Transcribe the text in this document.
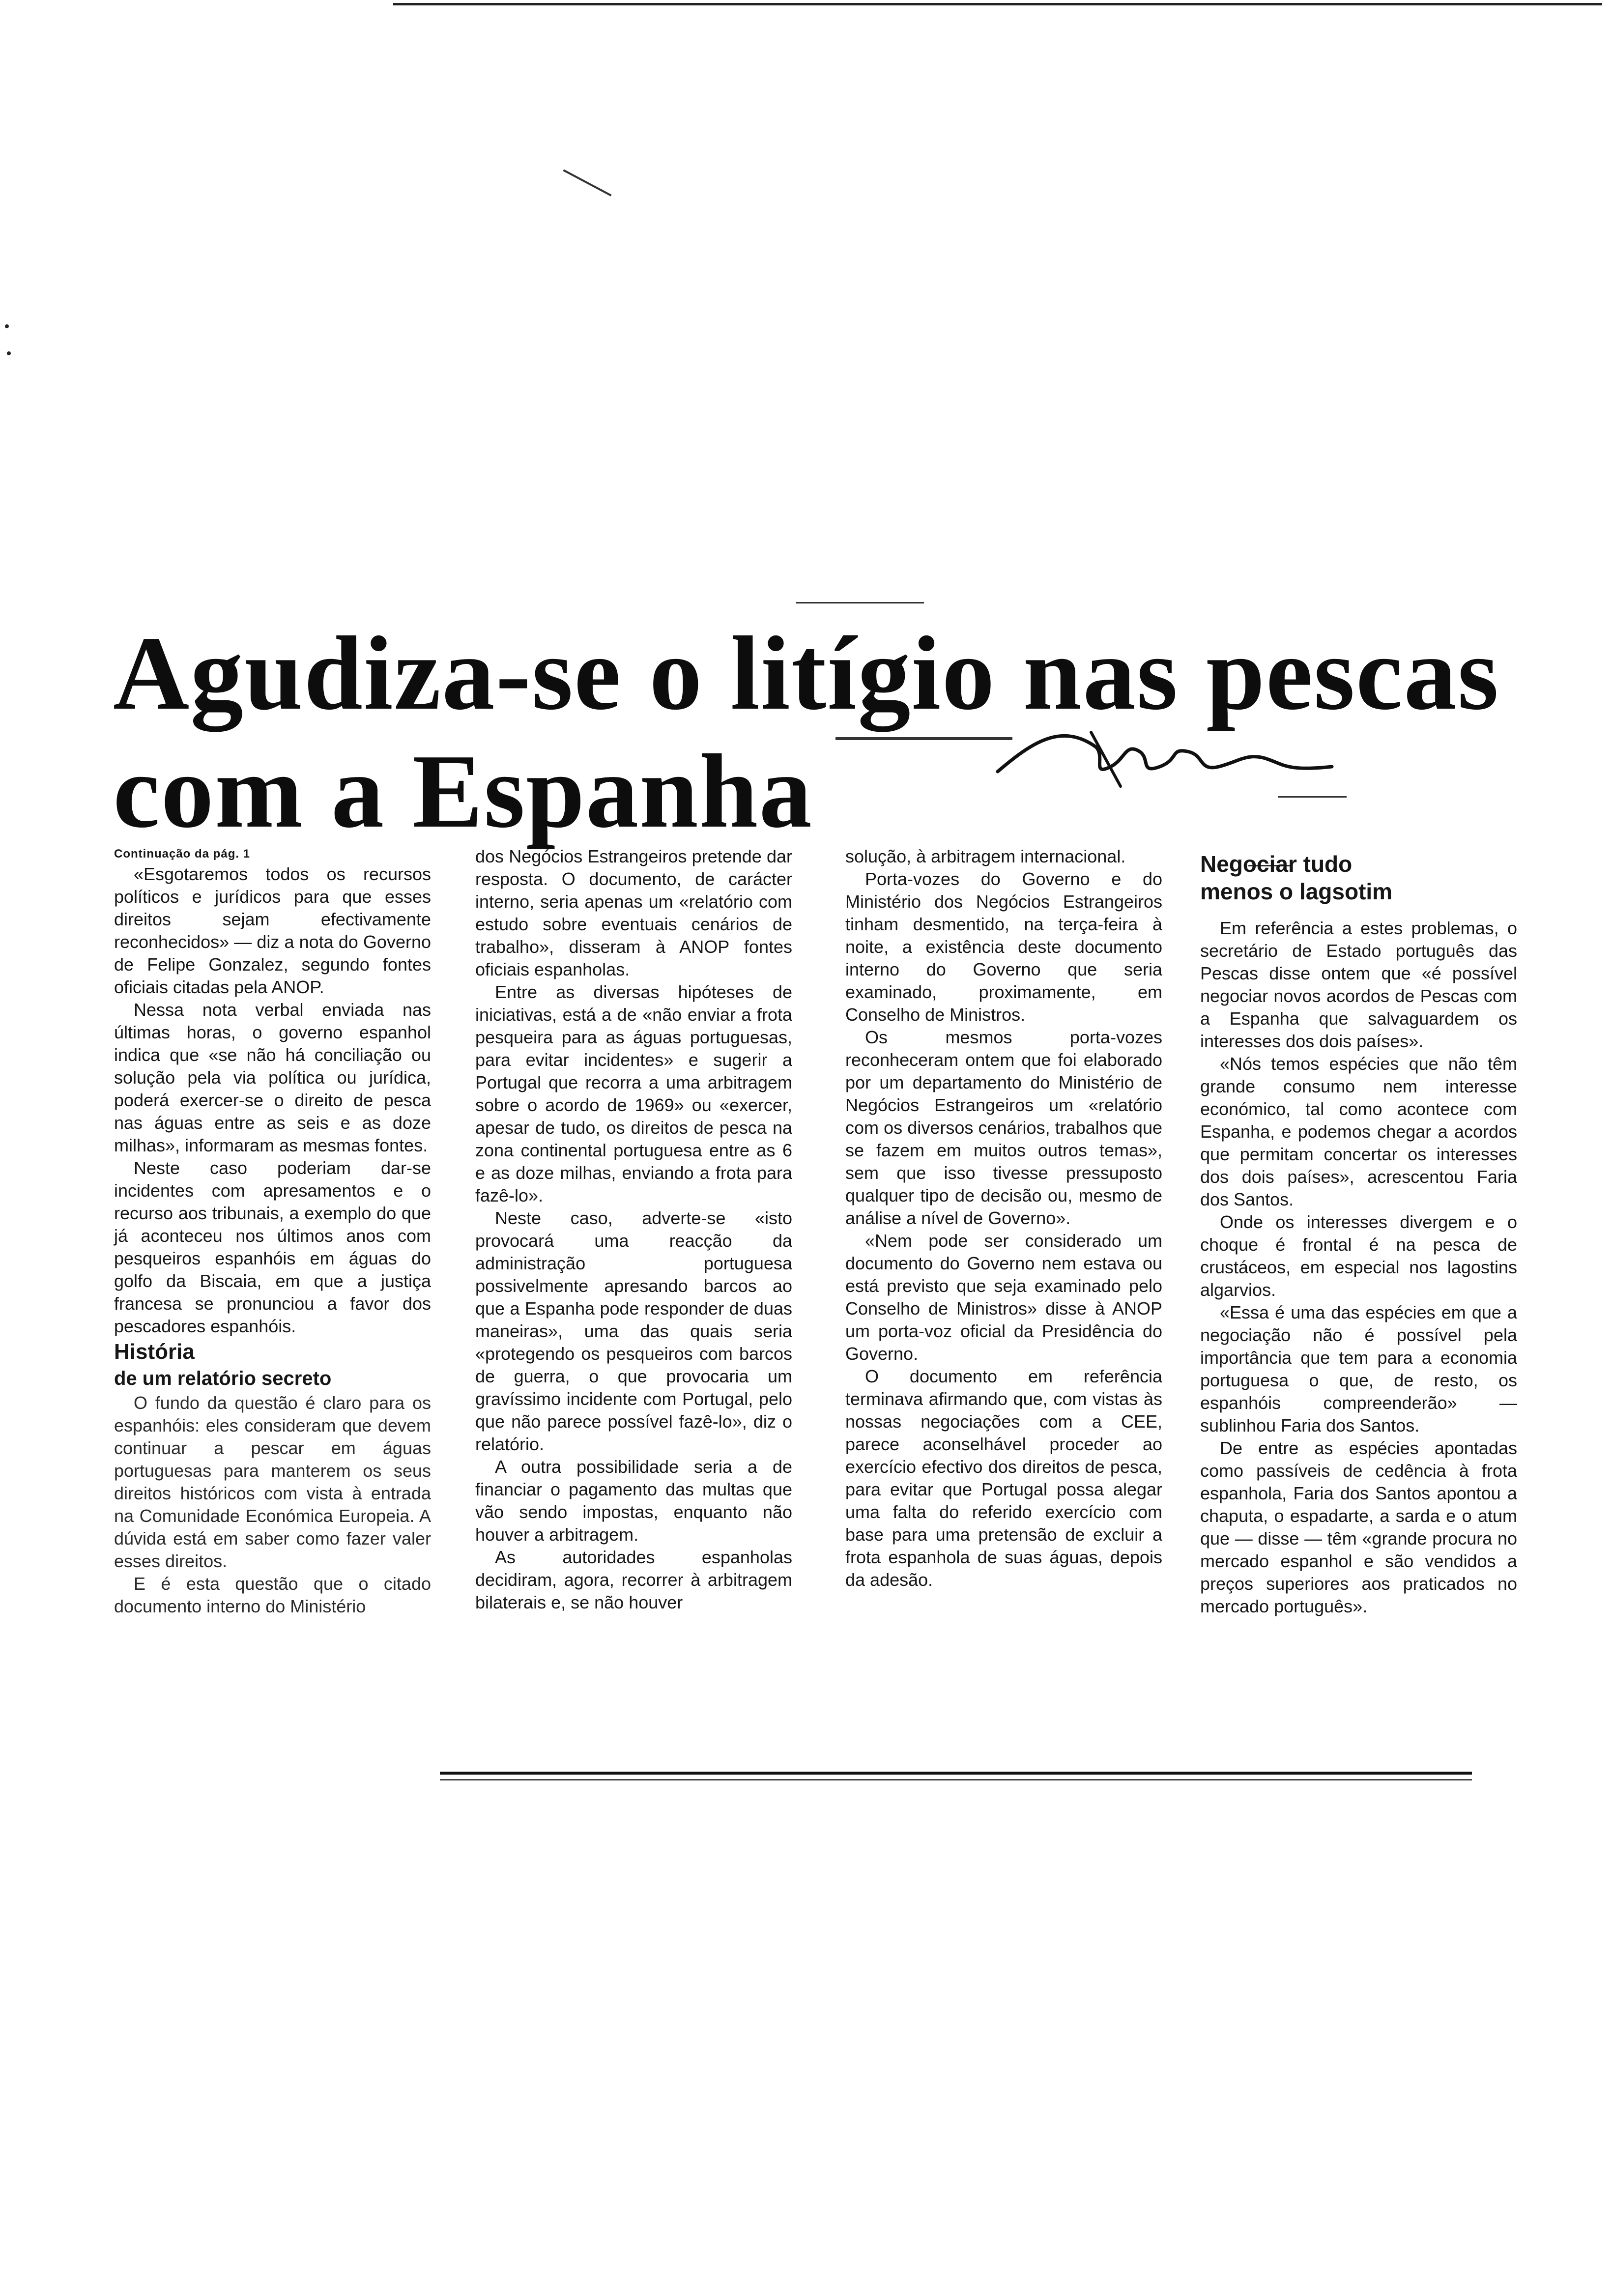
Agudiza-se o litígio nas pescas
com a Espanha
Continuação da pág. 1

«Esgotaremos todos os recursos políticos e jurídicos para que esses direitos sejam efectivamente reconhecidos» — diz a nota do Governo de Felipe Gonzalez, segundo fontes oficiais citadas pela ANOP.

Nessa nota verbal enviada nas últimas horas, o governo espanhol indica que «se não há conciliação ou solução pela via política ou jurídica, poderá exercer-se o direito de pesca nas águas entre as seis e as doze milhas», informaram as mesmas fontes.

Neste caso poderiam dar-se incidentes com apresamentos e o recurso aos tribunais, a exemplo do que já aconteceu nos últimos anos com pesqueiros espanhóis em águas do golfo da Biscaia, em que a justiça francesa se pronunciou a favor dos pescadores espanhóis.

História
de um relatório secreto

O fundo da questão é claro para os espanhóis: eles consideram que devem continuar a pescar em águas portuguesas para manterem os seus direitos históricos com vista à entrada na Comunidade Económica Europeia. A dúvida está em saber como fazer valer esses direitos.

E é esta questão que o citado documento interno do Ministério

dos Negócios Estrangeiros pretende dar resposta. O documento, de carácter interno, seria apenas um «relatório com estudo sobre eventuais cenários de trabalho», disseram à ANOP fontes oficiais espanholas.

Entre as diversas hipóteses de iniciativas, está a de «não enviar a frota pesqueira para as águas portuguesas, para evitar incidentes» e sugerir a Portugal que recorra a uma arbitragem sobre o acordo de 1969» ou «exercer, apesar de tudo, os direitos de pesca na zona continental portuguesa entre as 6 e as doze milhas, enviando a frota para fazê-lo».

Neste caso, adverte-se «isto provocará uma reacção da administração portuguesa possivelmente apresando barcos ao que a Espanha pode responder de duas maneiras», uma das quais seria «protegendo os pesqueiros com barcos de guerra, o que provocaria um gravíssimo incidente com Portugal, pelo que não parece possível fazê-lo», diz o relatório.

A outra possibilidade seria a de financiar o pagamento das multas que vão sendo impostas, enquanto não houver a arbitragem.

As autoridades espanholas decidiram, agora, recorrer à arbitragem bilaterais e, se não houver

solução, à arbitragem internacional.

Porta-vozes do Governo e do Ministério dos Negócios Estrangeiros tinham desmentido, na terça-feira à noite, a existência deste documento interno do Governo que seria examinado, proximamente, em Conselho de Ministros.

Os mesmos porta-vozes reconheceram ontem que foi elaborado por um departamento do Ministério de Negócios Estrangeiros um «relatório com os diversos cenários, trabalhos que se fazem em muitos outros temas», sem que isso tivesse pressuposto qualquer tipo de decisão ou, mesmo de análise a nível de Governo».

«Nem pode ser considerado um documento do Governo nem estava ou está previsto que seja examinado pelo Conselho de Ministros» disse à ANOP um porta-voz oficial da Presidência do Governo.

O documento em referência terminava afirmando que, com vistas às nossas negociações com a CEE, parece aconselhável proceder ao exercício efectivo dos direitos de pesca, para evitar que Portugal possa alegar uma falta do referido exercício com base para uma pretensão de excluir a frota espanhola de suas águas, depois da adesão.

Negociar tudo
menos o lagsotim

Em referência a estes problemas, o secretário de Estado português das Pescas disse ontem que «é possível negociar novos acordos de Pescas com a Espanha que salvaguardem os interesses dos dois países».

«Nós temos espécies que não têm grande consumo nem interesse económico, tal como acontece com Espanha, e podemos chegar a acordos que permitam concertar os interesses dos dois países», acrescentou Faria dos Santos.

Onde os interesses divergem e o choque é frontal é na pesca de crustáceos, em especial nos lagostins algarvios.

«Essa é uma das espécies em que a negociação não é possível pela importância que tem para a economia portuguesa o que, de resto, os espanhóis compreenderão» — sublinhou Faria dos Santos.

De entre as espécies apontadas como passíveis de cedência à frota espanhola, Faria dos Santos apontou a chaputa, o espadarte, a sarda e o atum que — disse — têm «grande procura no mercado espanhol e são vendidos a preços superiores aos praticados no mercado português».
